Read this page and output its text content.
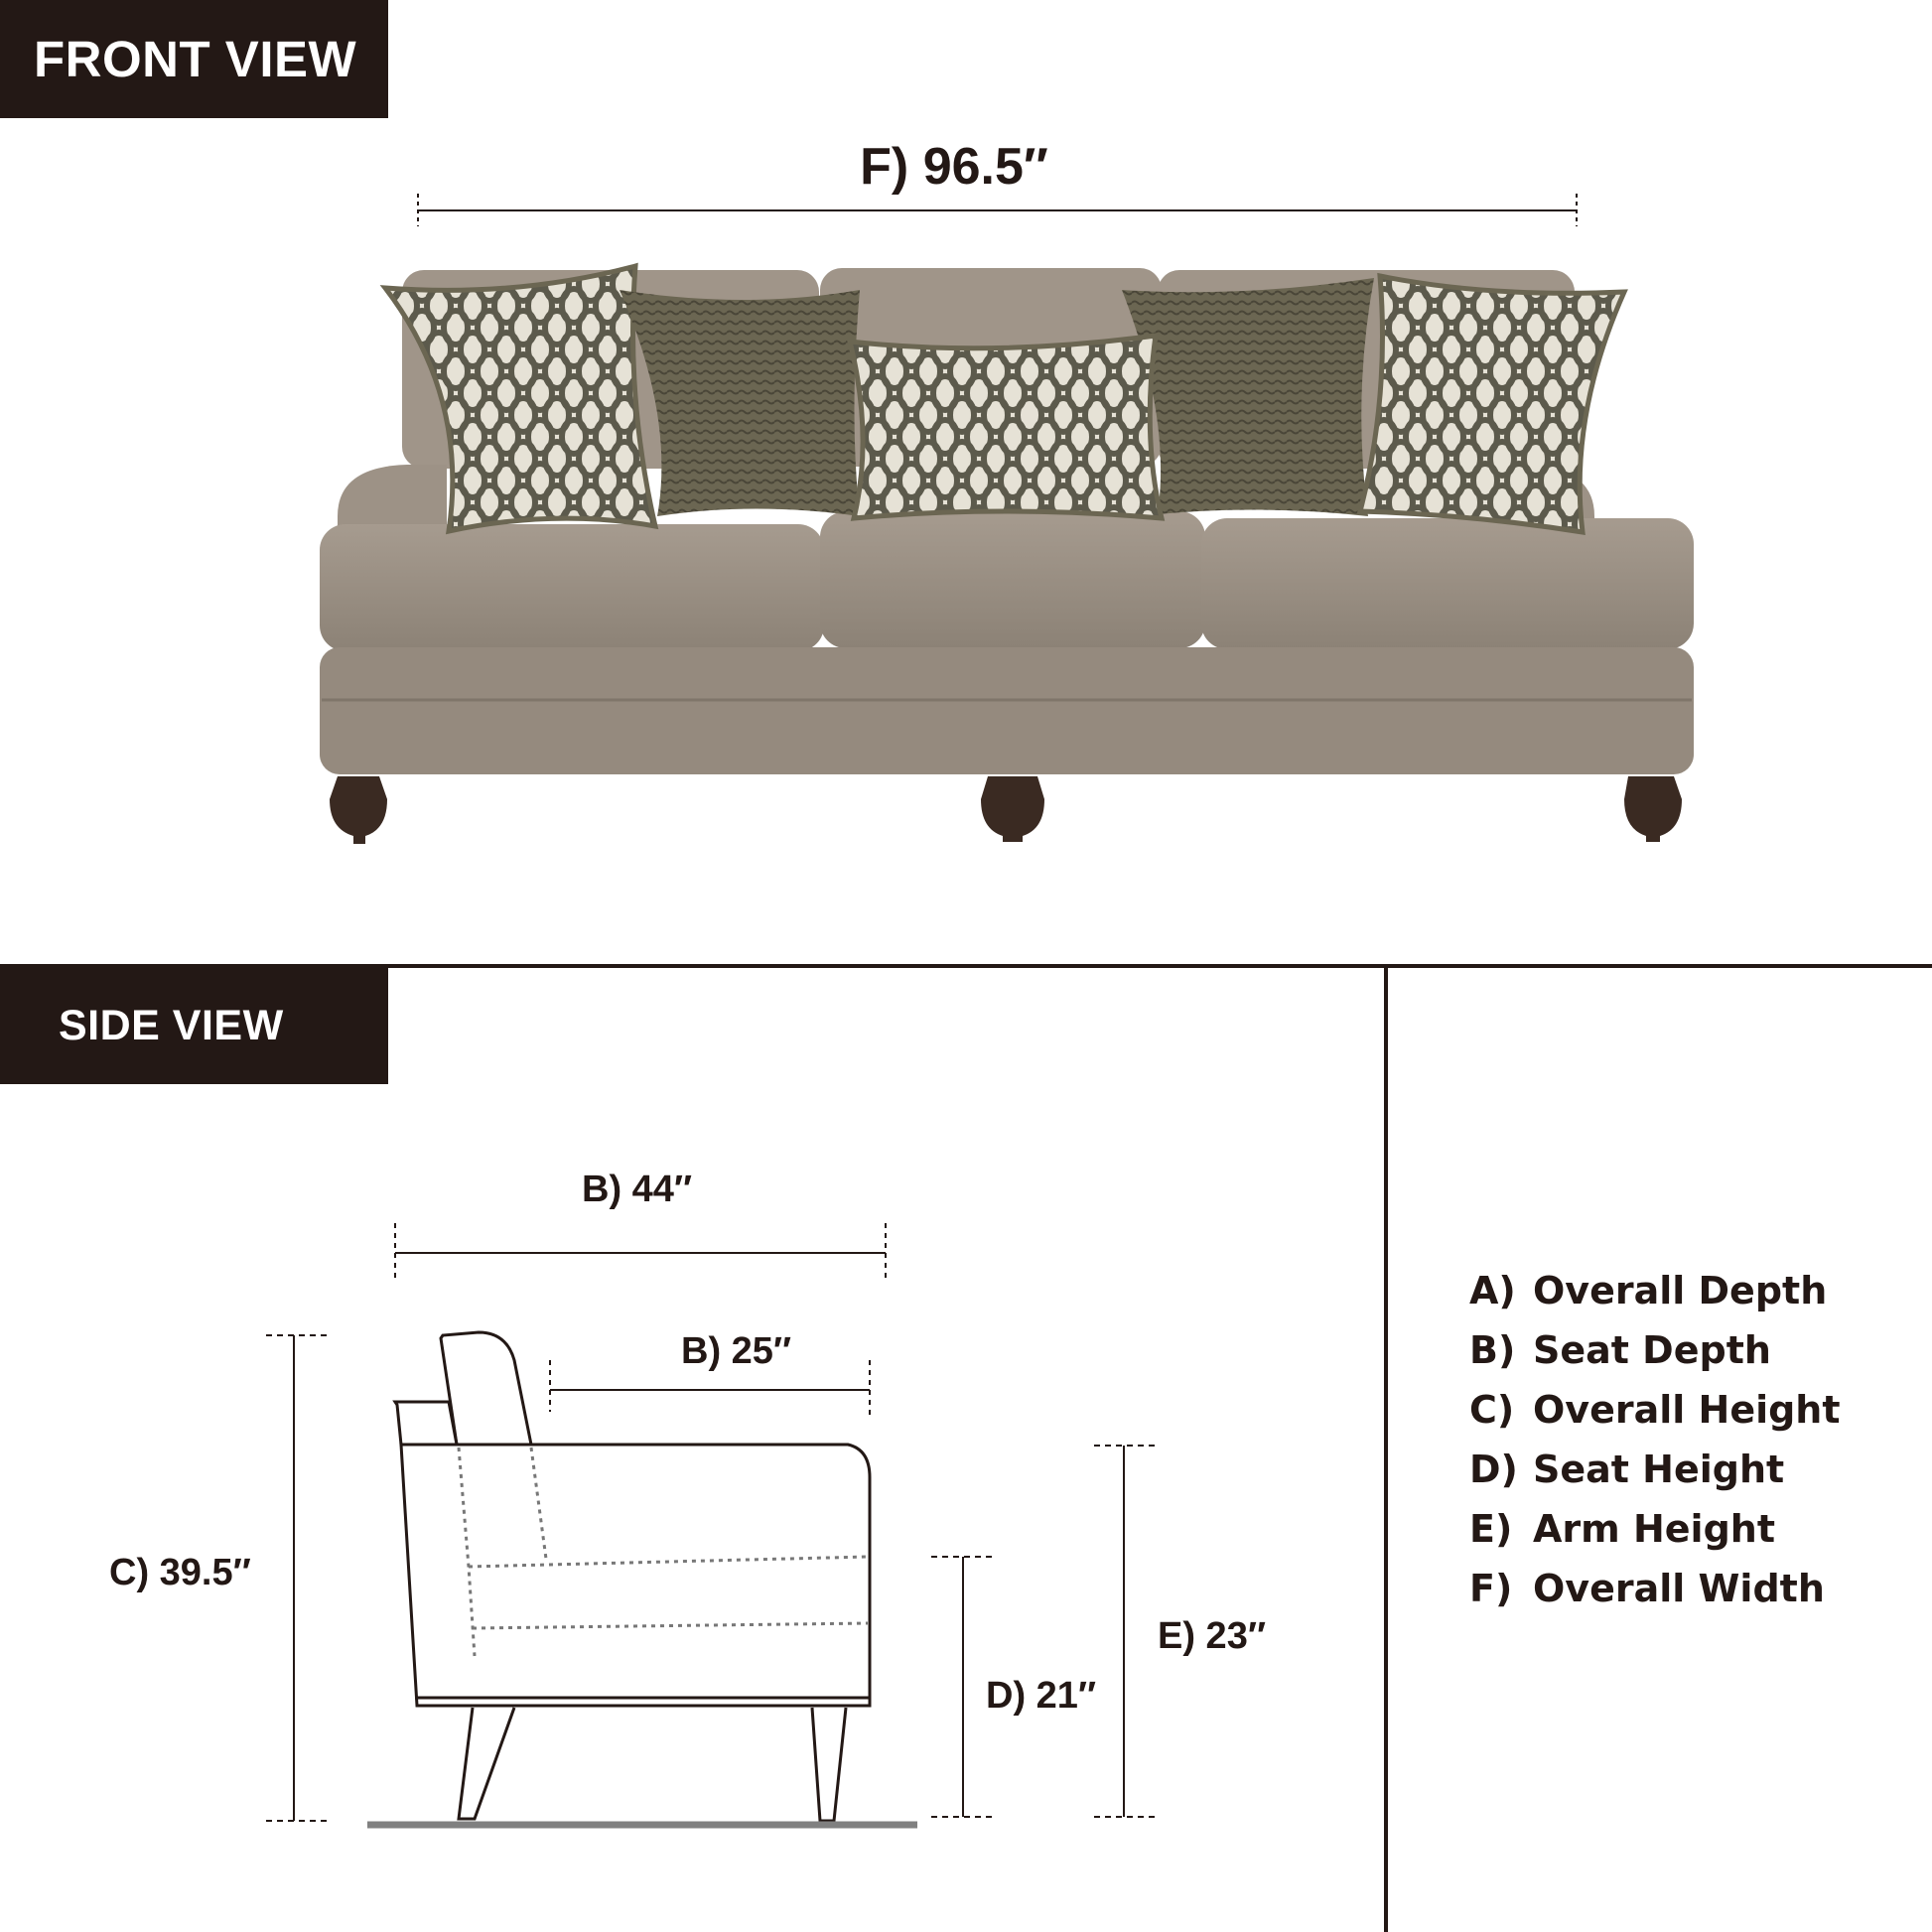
FRONT VIEW
SIDE VIEW
F) 96.5″
B) 44″
B) 25″
C) 39.5″
D) 21″
E) 23″
A) Overall Depth
B) Seat Depth
C) Overall Height
D) Seat Height
E) Arm Height
F) Overall Width
